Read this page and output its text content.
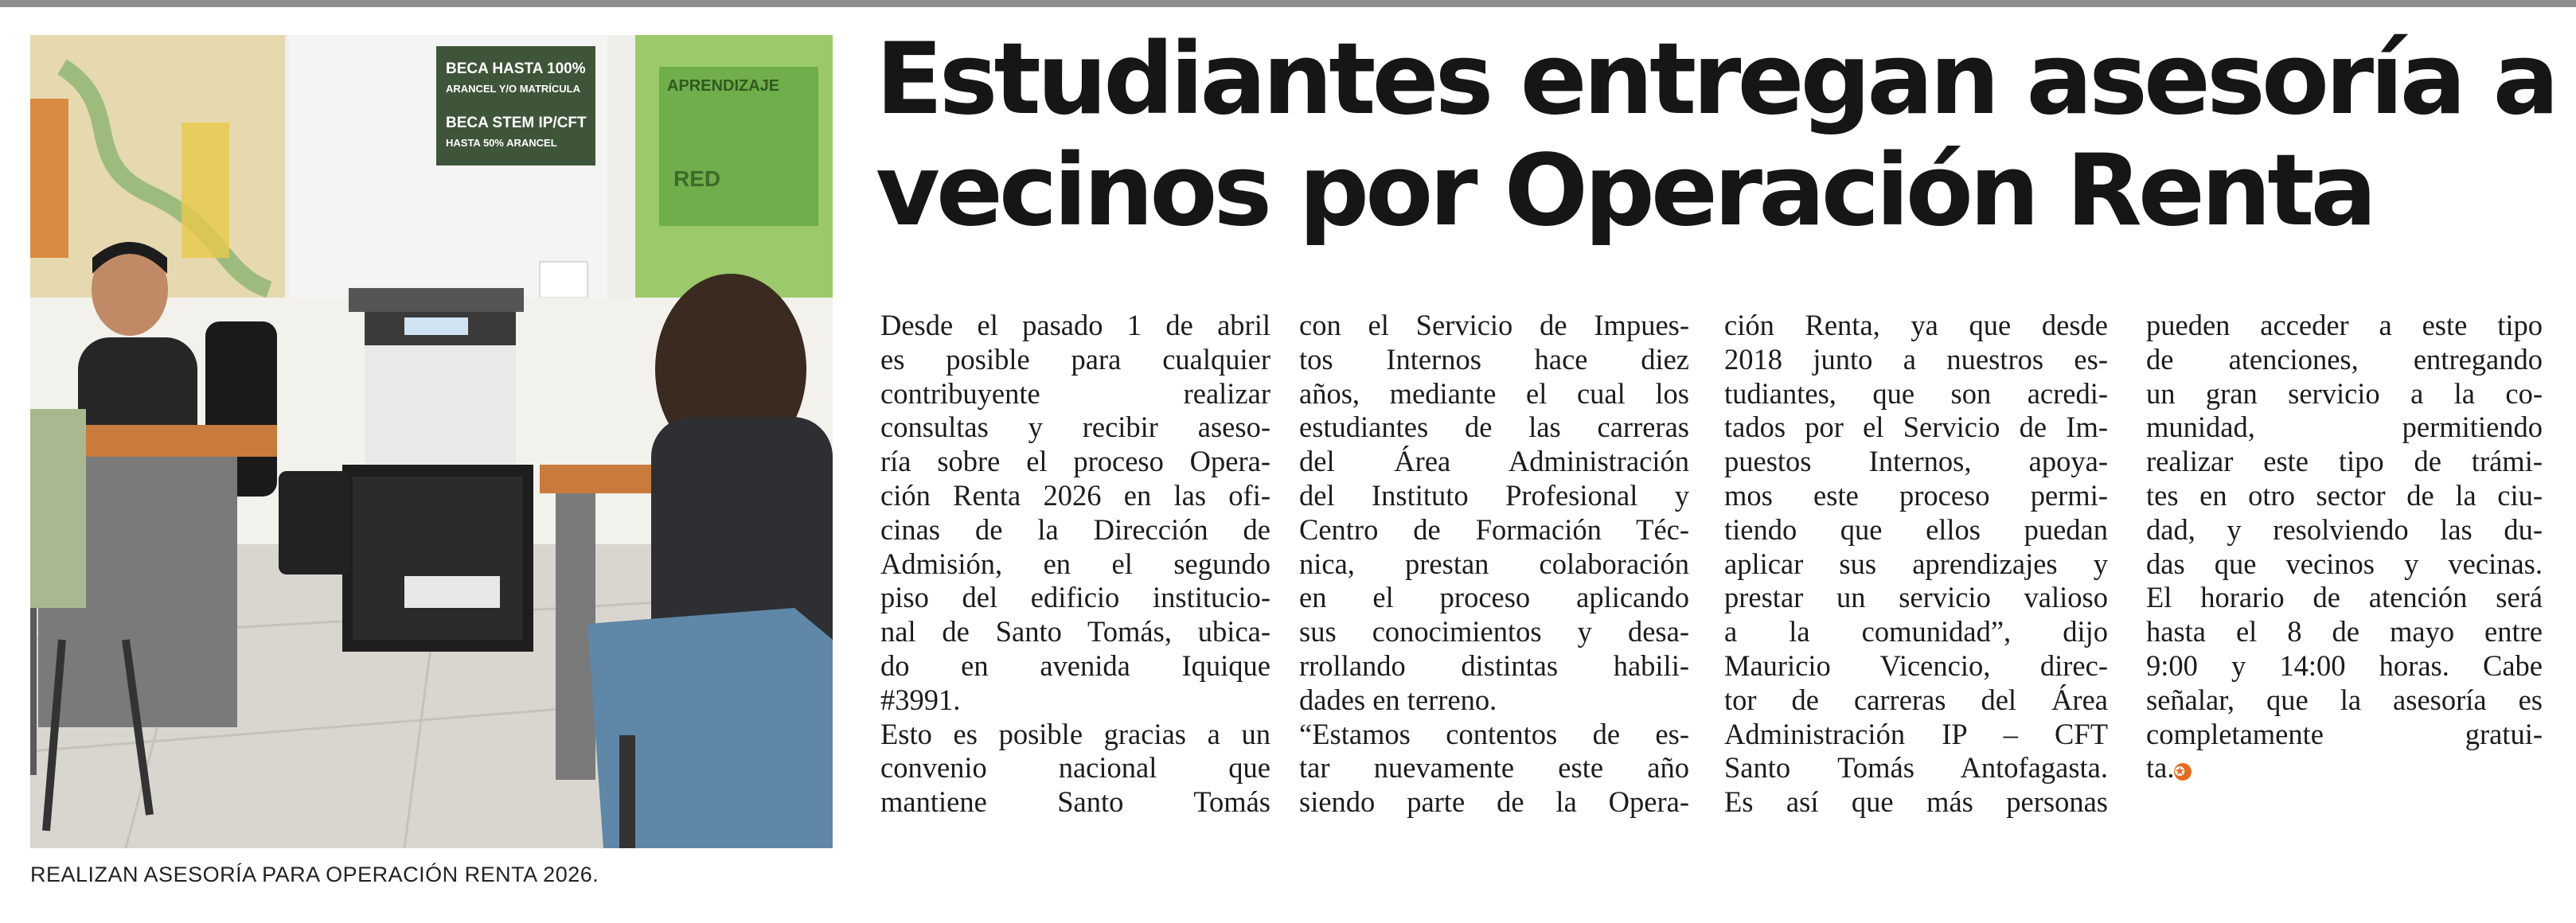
BECA HASTA 100%
ARANCEL Y/O MATRÍCULA
BECA STEM IP/CFT
HASTA 50% ARANCEL
APRENDIZAJE
RED
REALIZAN ASESORÍA PARA OPERACIÓN RENTA 2026.
Estudiantes entregan asesoría a
vecinos por Operación Renta
Desde el pasado 1 de abril
es posible para cualquier
contribuyente realizar
consultas y recibir aseso-
ría sobre el proceso Opera-
ción Renta 2026 en las ofi-
cinas de la Dirección de
Admisión, en el segundo
piso del edificio institucio-
nal de Santo Tomás, ubica-
do en avenida Iquique
#3991.
Esto es posible gracias a un
convenio nacional que
mantiene Santo Tomás
con el Servicio de Impues-
tos Internos hace diez
años, mediante el cual los
estudiantes de las carreras
del Área Administración
del Instituto Profesional y
Centro de Formación Téc-
nica, prestan colaboración
en el proceso aplicando
sus conocimientos y desa-
rrollando distintas habili-
dades en terreno.
“Estamos contentos de es-
tar nuevamente este año
siendo parte de la Opera-
ción Renta, ya que desde
2018 junto a nuestros es-
tudiantes, que son acredi-
tados por el Servicio de Im-
puestos Internos, apoya-
mos este proceso permi-
tiendo que ellos puedan
aplicar sus aprendizajes y
prestar un servicio valioso
a la comunidad”, dijo
Mauricio Vicencio, direc-
tor de carreras del Área
Administración IP – CFT
Santo Tomás Antofagasta.
Es así que más personas
pueden acceder a este tipo
de atenciones, entregando
un gran servicio a la co-
munidad, permitiendo
realizar este tipo de trámi-
tes en otro sector de la ciu-
dad, y resolviendo las du-
das que vecinos y vecinas.
El horario de atención será
hasta el 8 de mayo entre
9:00 y 14:00 horas. Cabe
señalar, que la asesoría es
completamente gratui-
ta.✪
